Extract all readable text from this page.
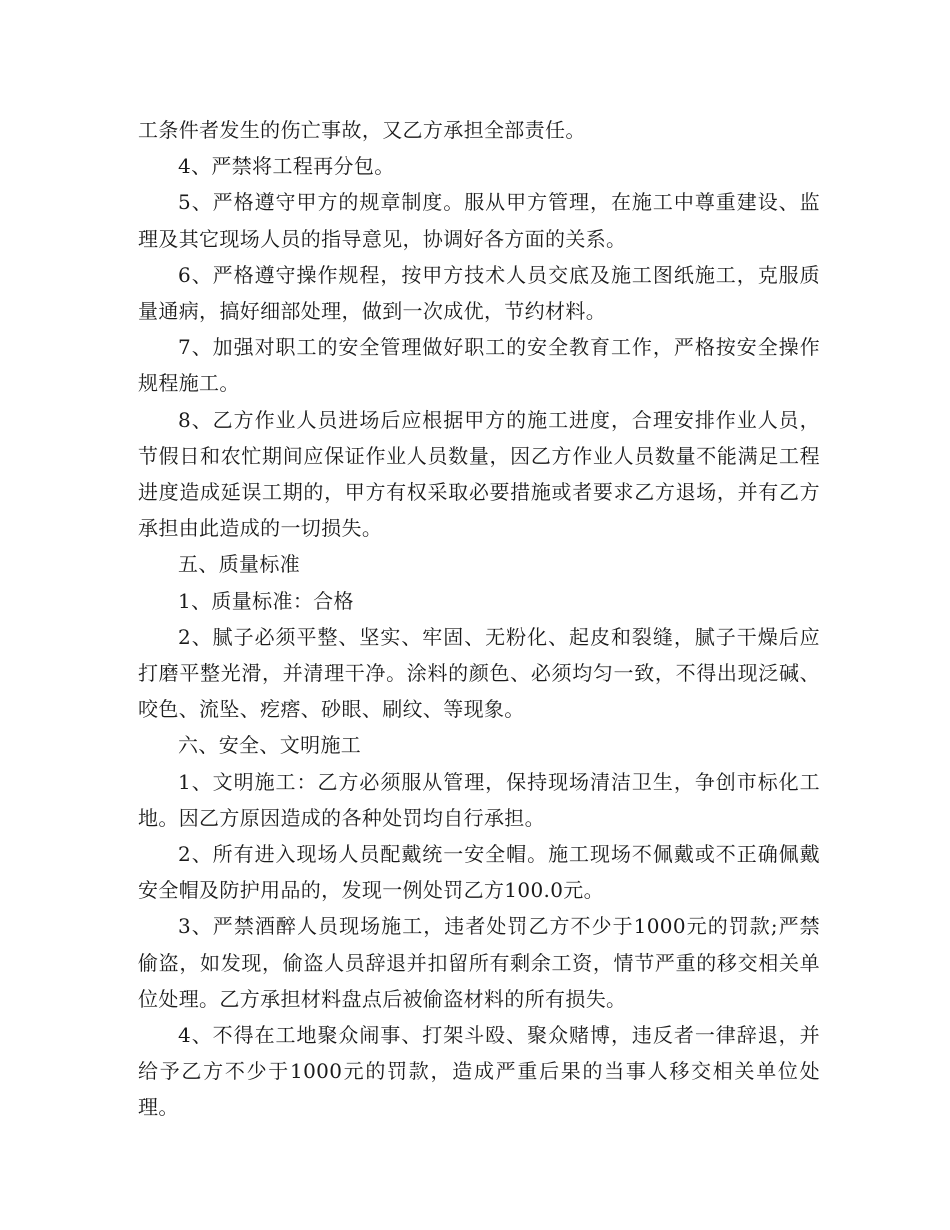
工条件者发生的伤亡事故，又乙方承担全部责任。

4、严禁将工程再分包。

5、严格遵守甲方的规章制度。服从甲方管理，在施工中尊重建设、监理及其它现场人员的指导意见，协调好各方面的关系。

6、严格遵守操作规程，按甲方技术人员交底及施工图纸施工，克服质量通病，搞好细部处理，做到一次成优，节约材料。

7、加强对职工的安全管理做好职工的安全教育工作，严格按安全操作规程施工。

8、乙方作业人员进场后应根据甲方的施工进度，合理安排作业人员，节假日和农忙期间应保证作业人员数量，因乙方作业人员数量不能满足工程进度造成延误工期的，甲方有权采取必要措施或者要求乙方退场，并有乙方承担由此造成的一切损失。

五、质量标准

1、质量标准：合格

2、腻子必须平整、坚实、牢固、无粉化、起皮和裂缝，腻子干燥后应打磨平整光滑，并清理干净。涂料的颜色、必须均匀一致，不得出现泛碱、咬色、流坠、疙瘩、砂眼、刷纹、等现象。

六、安全、文明施工

1、文明施工：乙方必须服从管理，保持现场清洁卫生，争创市标化工地。因乙方原因造成的各种处罚均自行承担。

2、所有进入现场人员配戴统一安全帽。施工现场不佩戴或不正确佩戴安全帽及防护用品的，发现一例处罚乙方100.0元。

3、严禁酒醉人员现场施工，违者处罚乙方不少于1000元的罚款;严禁偷盗，如发现，偷盗人员辞退并扣留所有剩余工资，情节严重的移交相关单位处理。乙方承担材料盘点后被偷盗材料的所有损失。

4、不得在工地聚众闹事、打架斗殴、聚众赌博，违反者一律辞退，并给予乙方不少于1000元的罚款，造成严重后果的当事人移交相关单位处理。
